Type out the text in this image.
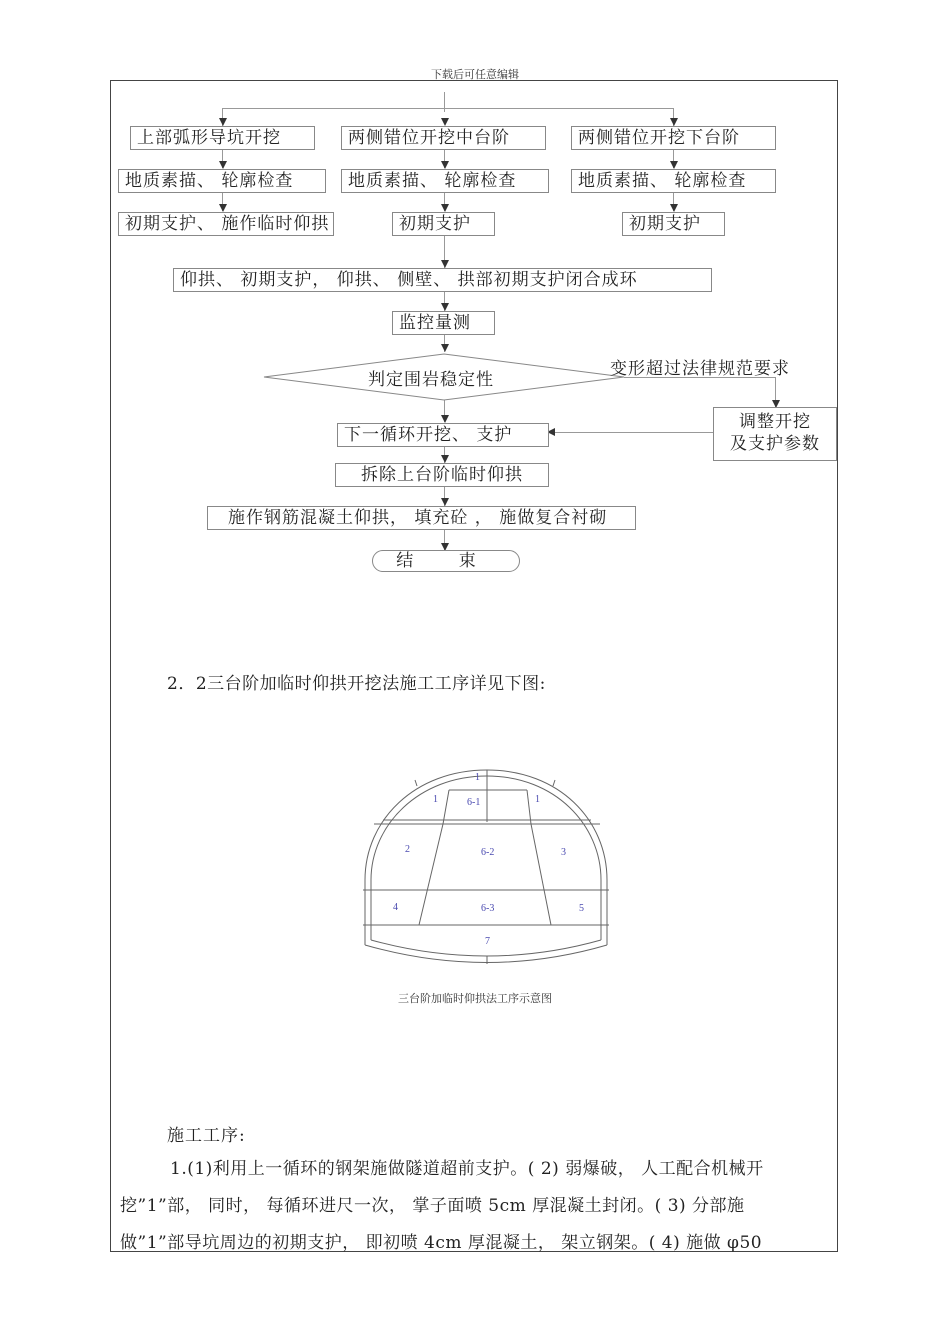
下载后可任意编辑
上部弧形导坑开挖	两侧错位开挖中台阶	两侧错位开挖下台阶
地质素描、 轮廓检查	地质素描、 轮廓检查	地质素描、 轮廓检查
初期支护、 施作临时仰拱	初期支护	初期支护
仰拱、 初期支护， 仰拱、 侧壁、 拱部初期支护闭合成环
监控量测
判定围岩稳定性
变形超过法律规范要求
调整开挖
及支护参数
下一循环开挖、 支护
拆除上台阶临时仰拱
施作钢筋混凝土仰拱， 填充砼 ， 施做复合衬砌
结 束
2．2三台阶加临时仰拱开挖法施工工序详见下图:
1
1	1
6-1
2	6-2	3
4	6-3	5
7
三台阶加临时仰拱法工序示意图
施工工序:
1.(1)利用上一循环的钢架施做隧道超前支护。( 2) 弱爆破， 人工配合机械开
挖”1”部， 同时， 每循环进尺一次， 掌子面喷 5cm 厚混凝土封闭。( 3) 分部施
做”1”部导坑周边的初期支护， 即初喷 4cm 厚混凝土， 架立钢架。( 4) 施做 φ50
